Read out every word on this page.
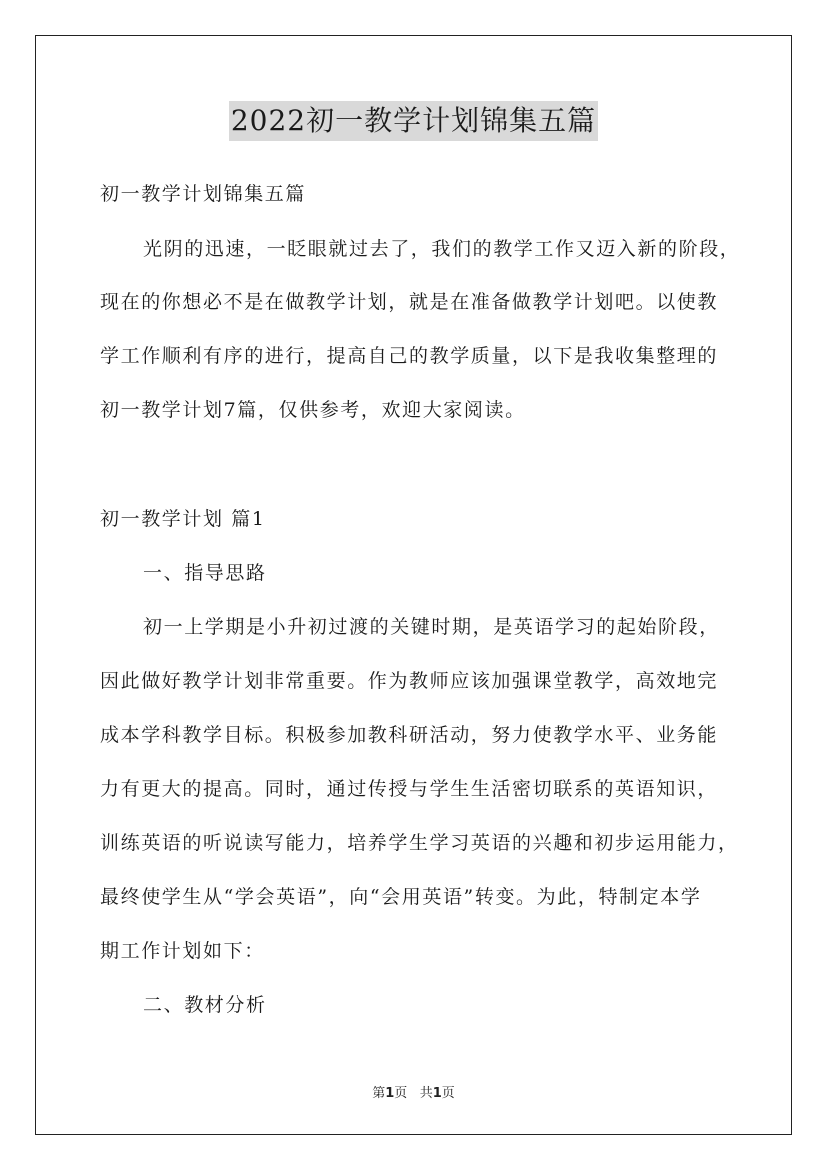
2022初一教学计划锦集五篇
初一教学计划锦集五篇
光阴的迅速，一眨眼就过去了，我们的教学工作又迈入新的阶段，
现在的你想必不是在做教学计划，就是在准备做教学计划吧。以使教
学工作顺利有序的进行，提高自己的教学质量，以下是我收集整理的
初一教学计划7篇，仅供参考，欢迎大家阅读。
初一教学计划 篇1
一、指导思路
初一上学期是小升初过渡的关键时期，是英语学习的起始阶段，
因此做好教学计划非常重要。作为教师应该加强课堂教学，高效地完
成本学科教学目标。积极参加教科研活动，努力使教学水平、业务能
力有更大的提高。同时，通过传授与学生生活密切联系的英语知识，
训练英语的听说读写能力，培养学生学习英语的兴趣和初步运用能力，
最终使学生从“学会英语”，向“会用英语”转变。为此，特制定本学
期工作计划如下：
二、教材分析
第1页 共1页
